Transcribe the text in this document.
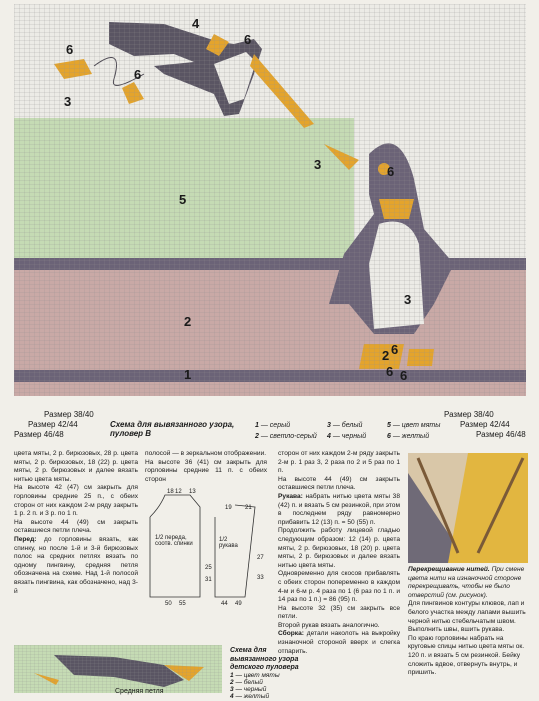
4
6
6
3
6
3
5
6
3
2
2 6
6
1	6
Размер 38/40
Размер 42/44
Размер 46/48
Размер 38/40
Размер 42/44
Размер 46/48
Схема для вывязанного узора,
пуловер В
1 — серый
2 — светло-серый
3 — белый
4 — черный
5 — цвет мяты
6 — желтый

цвета мяты, 2 р. бирюзовых, 28 р. цвета мяты, 2 р. бирюзовых, 18 (22) р. цвета мяты, 2 р. бирюзовых и далее вязать нитью цвета мяты.

На высоте 42 (47) см закрыть для горловины средние 25 п., с обеих сторон от них каждом 2-м ряду закрыть 1 р. 2 п. и 3 р. по 1 п.

На высоте 44 (49) см закрыть оставшиеся петли плеча.

Перед: до горловины вязать, как спинку, но после 1-й и 3-й бирюзовых полос на средних петлях вязать по одному пингвину, средняя петля обозначена на схеме. Над 1-й полосой вязать пингвина, как обозначено, над 3-й

полосой — в зеркальном отображении.

На высоте 36 (41) см закрыть для горловины средние 11 п. с обеих сторон

18 12 13
1/2 переда, соотв. спинки
1/2 рукава
19 21
25
27
33
31
50 55	44 49

сторон от них каждом 2-м ряду закрыть 2-м р. 1 раз 3, 2 раза по 2 и 5 раз по 1 п.

На высоте 44 (49) см закрыть оставшиеся петли плеча.

Рукава: набрать нитью цвета мяты 38 (42) п. и вязать 5 см резинкой, при этом в последнем ряду равномерно прибавить 12 (13) п. = 50 (55) п.

Продолжить работу лицевой гладью следующим образом: 12 (14) р. цвета мяты, 2 р. бирюзовых, 18 (20) р. цвета мяты, 2 р. бирюзовых и далее вязать нитью цвета мяты.

Одновременно для скосов прибавлять с обеих сторон попеременно в каждом 4-м и 6-м р. 4 раза по 1 (6 раз по 1 п. и 14 раз по 1 п.) = 86 (95) п.

На высоте 32 (35) см закрыть все петли.

Второй рукав вязать аналогично.

Сборка: детали наколоть на выкройку изнаночной стороной вверх и слегка отпарить.

Перекрещивание нитей. При смене цвета нити на изнаночной стороне перекрещивать, чтобы не было отверстий (см. рисунок).

Для пингвинов контуры клювов, лап и белого участка между лапами вышить черной нитью стебельчатым швом.

Выполнить швы, вшить рукава.

По краю горловины набрать на круговые спицы нитью цвета мяты ок. 120 п. и вязать 5 см резинкой. Бейку сложить вдвое, отвернуть внутрь, и пришить.

Схема для
вывязанного узора
детского пуловера
1 — цвет мяты
2 — белый
3 — черный
4 — желтый
Средняя петля
